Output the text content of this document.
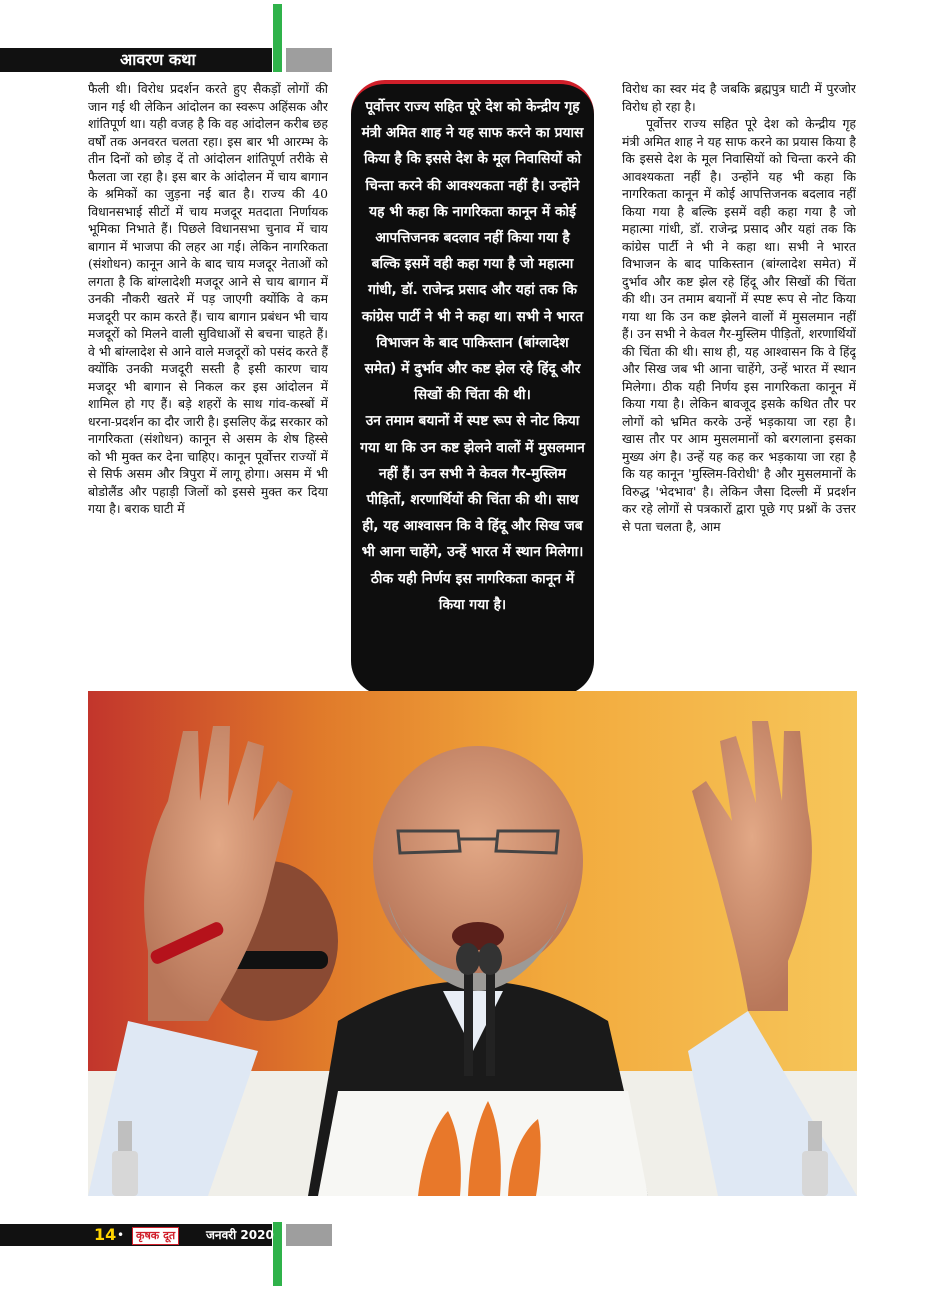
आवरण कथा

फैली थी। विरोध प्रदर्शन करते हुए सैकड़ों लोगों की जान गई थी लेकिन आंदोलन का स्वरूप अहिंसक और शांतिपूर्ण था। यही वजह है कि वह आंदोलन करीब छह वर्षों तक अनवरत चलता रहा। इस बार भी आरम्भ के तीन दिनों को छोड़ दें तो आंदोलन शांतिपूर्ण तरीके से फैलता जा रहा है। इस बार के आंदोलन में चाय बागान के श्रमिकों का जुड़ना नई बात है। राज्य की 40 विधानसभाई सीटों में चाय मजदूर मतदाता निर्णायक भूमिका निभाते हैं। पिछले विधानसभा चुनाव में चाय बागान में भाजपा की लहर आ गई। लेकिन नागरिकता (संशोधन) कानून आने के बाद चाय मजदूर नेताओं को लगता है कि बांग्लादेशी मजदूर आने से चाय बागान में उनकी नौकरी खतरे में पड़ जाएगी क्योंकि वे कम मजदूरी पर काम करते हैं। चाय बागान प्रबंधन भी चाय मजदूरों को मिलने वाली सुविधाओं से बचना चाहते हैं। वे भी बांग्लादेश से आने वाले मजदूरों को पसंद करते हैं क्योंकि उनकी मजदूरी सस्ती है इसी कारण चाय मजदूर भी बागान से निकल कर इस आंदोलन में शामिल हो गए हैं। बड़े शहरों के साथ गांव-कस्बों में धरना-प्रदर्शन का दौर जारी है। इसलिए केंद्र सरकार को नागरिकता (संशोधन) कानून से असम के शेष हिस्से को भी मुक्त कर देना चाहिए। कानून पूर्वोत्तर राज्यों में से सिर्फ असम और त्रिपुरा में लागू होगा। असम में भी बोडोलैंड और पहाड़ी जिलों को इससे मुक्त कर दिया गया है। बराक घाटी में

पूर्वोत्तर राज्य सहित पूरे देश को केन्द्रीय गृह मंत्री अमित शाह ने यह साफ करने का प्रयास किया है कि इससे देश के मूल निवासियों को चिन्ता करने की आवश्यकता नहीं है। उन्होंने यह भी कहा कि नागरिकता कानून में कोई आपत्तिजनक बदलाव नहीं किया गया है बल्कि इसमें वही कहा गया है जो महात्मा गांधी, डॉ. राजेन्द्र प्रसाद और यहां तक कि कांग्रेस पार्टी ने भी ने कहा था। सभी ने भारत विभाजन के बाद पाकिस्तान (बांग्लादेश समेत) में दुर्भाव और कष्ट झेल रहे हिंदू और सिखों की चिंता की थी।

उन तमाम बयानों में स्पष्ट रूप से नोट किया गया था कि उन कष्ट झेलने वालों में मुसलमान नहीं हैं। उन सभी ने केवल गैर-मुस्लिम पीड़ितों, शरणार्थियों की चिंता की थी। साथ ही, यह आश्वासन कि वे हिंदू और सिख जब भी आना चाहेंगे, उन्हें भारत में स्थान मिलेगा। ठीक यही निर्णय इस नागरिकता कानून में किया गया है।

विरोध का स्वर मंद है जबकि ब्रह्मपुत्र घाटी में पुरजोर विरोध हो रहा है।

पूर्वोत्तर राज्य सहित पूरे देश को केन्द्रीय गृह मंत्री अमित शाह ने यह साफ करने का प्रयास किया है कि इससे देश के मूल निवासियों को चिन्ता करने की आवश्यकता नहीं है। उन्होंने यह भी कहा कि नागरिकता कानून में कोई आपत्तिजनक बदलाव नहीं किया गया है बल्कि इसमें वही कहा गया है जो महात्मा गांधी, डॉ. राजेन्द्र प्रसाद और यहां तक कि कांग्रेस पार्टी ने भी ने कहा था। सभी ने भारत विभाजन के बाद पाकिस्तान (बांग्लादेश समेत) में दुर्भाव और कष्ट झेल रहे हिंदू और सिखों की चिंता की थी। उन तमाम बयानों में स्पष्ट रूप से नोट किया गया था कि उन कष्ट झेलने वालों में मुसलमान नहीं हैं। उन सभी ने केवल गैर-मुस्लिम पीड़ितों, शरणार्थियों की चिंता की थी। साथ ही, यह आश्वासन कि वे हिंदू और सिख जब भी आना चाहेंगे, उन्हें भारत में स्थान मिलेगा। ठीक यही निर्णय इस नागरिकता कानून में किया गया है। लेकिन बावजूद इसके कथित तौर पर लोगों को भ्रमित करके उन्हें भड़काया जा रहा है। खास तौर पर आम मुसलमानों को बरगलाना इसका मुख्य अंग है। उन्हें यह कह कर भड़काया जा रहा है कि यह कानून 'मुस्लिम-विरोधी' है और मुसलमानों के विरुद्ध 'भेदभाव' है। लेकिन जैसा दिल्ली में प्रदर्शन कर रहे लोगों से पत्रकारों द्वारा पूछे गए प्रश्नों के उत्तर से पता चलता है, आम

14 •	कृषक दूत	जनवरी 2020
